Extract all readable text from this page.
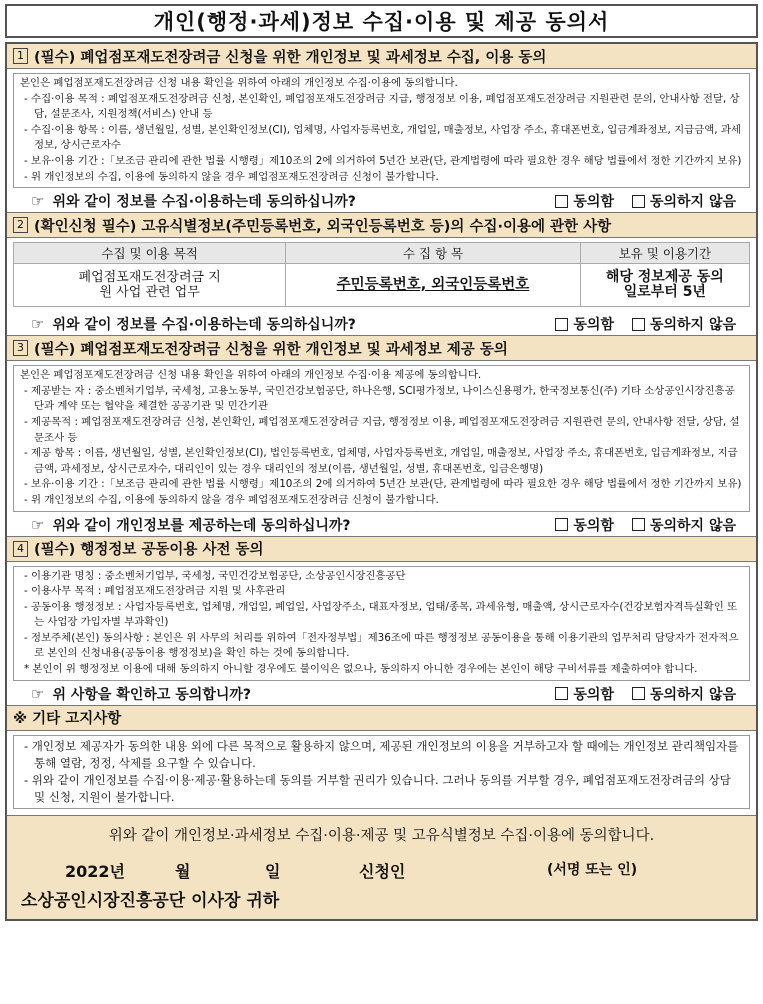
개인(행정·과세)정보 수집·이용 및 제공 동의서
1 (필수) 폐업점포재도전장려금 신청을 위한 개인정보 및 과세정보 수집, 이용 동의

본인은 폐업점포재도전장려금 신청 내용 확인을 위하여 아래의 개인정보 수집·이용에 동의합니다.

- 수집·이용 목적 : 폐업점포재도전장려금 신청, 본인확인, 폐업점포재도전장려금 지급, 행정정보 이용, 폐업점포재도전장려금 지원관련 문의, 안내사항 전달, 상담, 설문조사, 지원정책(서비스) 안내 등

- 수집·이용 항목 : 이름, 생년월일, 성별, 본인확인정보(CI), 업체명, 사업자등록번호, 개업일, 매출정보, 사업장 주소, 휴대폰번호, 입금계좌정보, 지급금액, 과세정보, 상시근로자수

- 보유·이용 기간 :「보조금 관리에 관한 법률 시행령」제10조의 2에 의거하여 5년간 보관(단, 관계법령에 따라 필요한 경우 해당 법률에서 정한 기간까지 보유)

- 위 개인정보의 수집, 이용에 동의하지 않을 경우 폐업점포재도전장려금 신청이 불가합니다.

☞ 위와 같이 정보를 수집·이용하는데 동의하십니까?	동의함	동의하지 않음
2 (확인신청 필수) 고유식별정보(주민등록번호, 외국인등록번호 등)의 수집·이용에 관한 사항
수집 및 이용 목적	수 집 항 목	보유 및 이용기간
폐업점포재도전장려금 지원 사업 관련 업무	주민등록번호, 외국인등록번호	해당 정보제공 동의일로부터 5년
☞ 위와 같이 정보를 수집·이용하는데 동의하십니까?	동의함	동의하지 않음
3 (필수) 폐업점포재도전장려금 신청을 위한 개인정보 및 과세정보 제공 동의

본인은 폐업점포재도전장려금 신청 내용 확인을 위하여 아래의 개인정보 수집·이용 제공에 동의합니다.

- 제공받는 자 : 중소벤처기업부, 국세청, 고용노동부, 국민건강보험공단, 하나은행, SCI평가정보, 나이스신용평가, 한국정보통신(주) 기타 소상공인시장진흥공단과 계약 또는 협약을 체결한 공공기관 및 민간기관

- 제공목적 : 폐업점포재도전장려금 신청, 본인확인, 폐업점포재도전장려금 지급, 행정정보 이용, 폐업점포재도전장려금 지원관련 문의, 안내사항 전달, 상담, 설문조사 등

- 제공 항목 : 이름, 생년월일, 성별, 본인확인정보(CI), 법인등록번호, 업체명, 사업자등록번호, 개업일, 매출정보, 사업장 주소, 휴대폰번호, 입금계좌정보, 지급금액, 과세정보, 상시근로자수, 대리인이 있는 경우 대리인의 정보(이름, 생년월일, 성별, 휴대폰번호, 입금은행명)

- 보유·이용 기간 :「보조금 관리에 관한 법률 시행령」제10조의 2에 의거하여 5년간 보관(단, 관계법령에 따라 필요한 경우 해당 법률에서 정한 기간까지 보유)

- 위 개인정보의 수집, 이용에 동의하지 않을 경우 폐업점포재도전장려금 신청이 불가합니다.

☞ 위와 같이 개인정보를 제공하는데 동의하십니까?	동의함	동의하지 않음
4 (필수) 행정정보 공동이용 사전 동의

- 이용기관 명칭 : 중소벤처기업부, 국세청, 국민건강보험공단, 소상공인시장진흥공단

- 이용사무 목적 : 폐업점포재도전장려금 지원 및 사후관리

- 공동이용 행정정보 : 사업자등록번호, 업체명, 개업일, 폐업일, 사업장주소, 대표자정보, 업태/종목, 과세유형, 매출액, 상시근로자수(건강보험자격득실확인 또는 사업장 가입자별 부과확인)

- 정보주체(본인) 동의사항 : 본인은 위 사무의 처리를 위하여「전자정부법」제36조에 따른 행정정보 공동이용을 통해 이용기관의 업무처리 담당자가 전자적으로 본인의 신청내용(공동이용 행정정보)을 확인 하는 것에 동의합니다.

* 본인이 위 행정정보 이용에 대해 동의하지 아니할 경우에도 불이익은 없으나, 동의하지 아니한 경우에는 본인이 해당 구비서류를 제출하여야 합니다.

☞ 위 사항을 확인하고 동의합니까?	동의함	동의하지 않음
※ 기타 고지사항

- 개인정보 제공자가 동의한 내용 외에 다른 목적으로 활용하지 않으며, 제공된 개인정보의 이용을 거부하고자 할 때에는 개인정보 관리책임자를 통해 열람, 정정, 삭제를 요구할 수 있습니다.

- 위와 같이 개인정보를 수집·이용·제공·활용하는데 동의를 거부할 권리가 있습니다. 그러나 동의를 거부할 경우, 폐업점포재도전장려금의 상담 및 신청, 지원이 불가합니다.

위와 같이 개인정보·과세정보 수집·이용·제공 및 고유식별정보 수집·이용에 동의합니다.
2022년	월	일	신청인	(서명 또는 인)
소상공인시장진흥공단 이사장 귀하
